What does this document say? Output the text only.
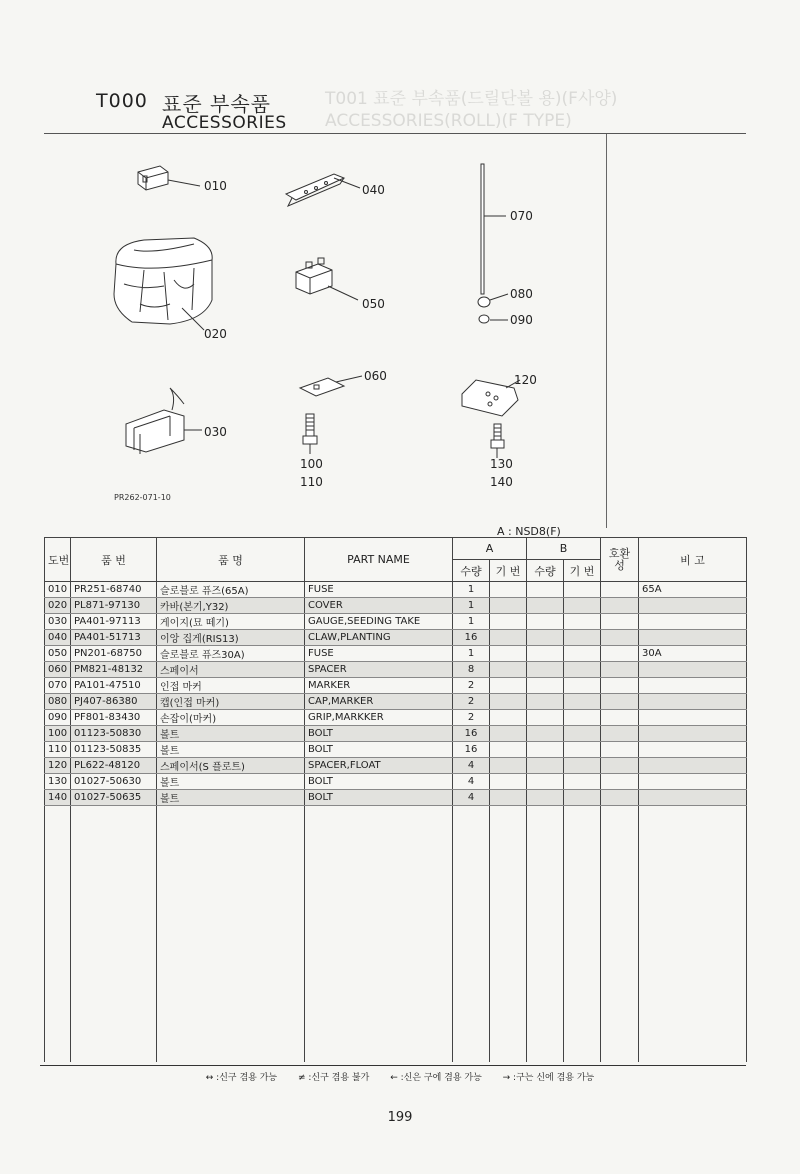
T001 표준 부속품(드릴단볼 용)(F사양)
ACCESSORIES(ROLL)(F TYPE)
T000 표준 부속품
ACCESSORIES
010	040
070
020
050
080
090
030
060	120
100
110
130
140
PR262-071-10
A : NSD8(F)
도번	품 번	품 명	PART NAME	A		B		호환성	비 고
				수량	기 번	수량	기 번		
010	PR251-68740	슬로블로 퓨즈(65A)	FUSE	1					65A
020	PL871-97130	카바(본기,Y32)	COVER	1					
030	PA401-97113	게이지(묘 떼기)	GAUGE,SEEDING TAKE	1					
040	PA401-51713	이앙 집게(RIS13)	CLAW,PLANTING	16					
050	PN201-68750	슬로블로 퓨즈30A)	FUSE	1					30A
060	PM821-48132	스페이서	SPACER	8					
070	PA101-47510	인접 마커	MARKER	2					
080	PJ407-86380	캡(인접 마커)	CAP,MARKER	2					
090	PF801-83430	손잡이(마커)	GRIP,MARKKER	2					
100	01123-50830	볼트	BOLT	16					
110	01123-50835	볼트	BOLT	16					
120	PL622-48120	스페이서(S 플로트)	SPACER,FLOAT	4					
130	01027-50630	볼트	BOLT	4					
140	01027-50635	볼트	BOLT	4					

↔ :신구 겸용 가능 ≠ :신구 겸용 불가 ← :신은 구에 겸용 가능 → :구는 신에 겸용 가능
199
